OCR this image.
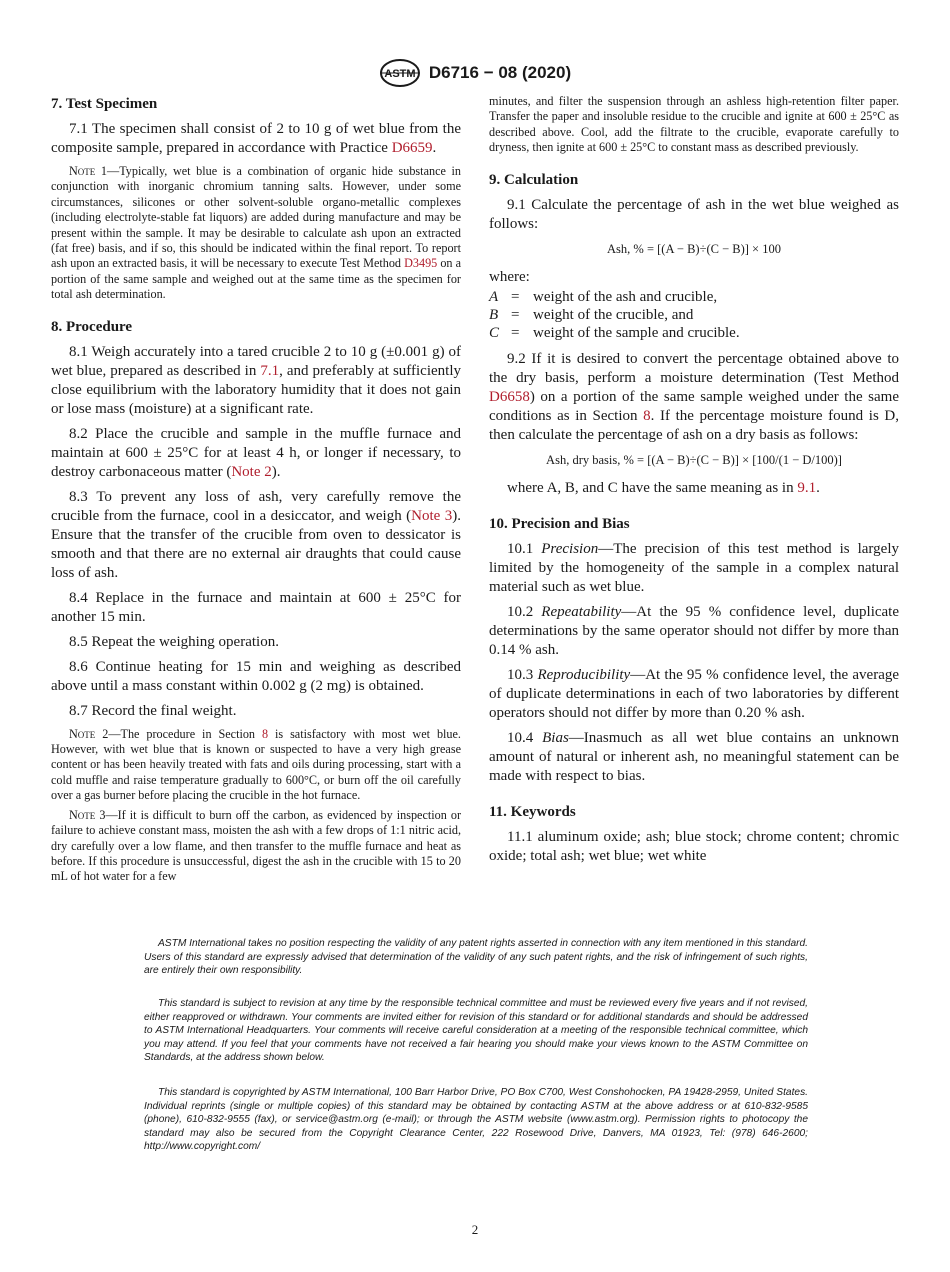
ASTM D6716 − 08 (2020)
7. Test Specimen

7.1 The specimen shall consist of 2 to 10 g of wet blue from the composite sample, prepared in accordance with Practice D6659.

Note 1—Typically, wet blue is a combination of organic hide substance in conjunction with inorganic chromium tanning salts. However, under some circumstances, silicones or other solvent-soluble organo-metallic complexes (including electrolyte-stable fat liquors) are added during manufacture and may be present within the sample. It may be desirable to calculate ash upon an extracted (fat free) basis, and if so, this should be indicated within the final report. To report ash upon an extracted basis, it will be necessary to execute Test Method D3495 on a portion of the same sample and weighed out at the same time as the specimen for total ash determination.

8. Procedure

8.1 Weigh accurately into a tared crucible 2 to 10 g (±0.001 g) of wet blue, prepared as described in 7.1, and preferably at sufficiently close equilibrium with the laboratory humidity that it does not gain or lose mass (moisture) at a significant rate.

8.2 Place the crucible and sample in the muffle furnace and maintain at 600 ± 25°C for at least 4 h, or longer if necessary, to destroy carbonaceous matter (Note 2).

8.3 To prevent any loss of ash, very carefully remove the crucible from the furnace, cool in a desiccator, and weigh (Note 3). Ensure that the transfer of the crucible from oven to dessicator is smooth and that there are no external air draughts that could cause loss of ash.

8.4 Replace in the furnace and maintain at 600 ± 25°C for another 15 min.

8.5 Repeat the weighing operation.

8.6 Continue heating for 15 min and weighing as described above until a mass constant within 0.002 g (2 mg) is obtained.

8.7 Record the final weight.

Note 2—The procedure in Section 8 is satisfactory with most wet blue. However, with wet blue that is known or suspected to have a very high grease content or has been heavily treated with fats and oils during processing, start with a cold muffle and raise temperature gradually to 600°C, or burn off the oil carefully over a gas burner before placing the crucible in the hot furnace.

Note 3—If it is difficult to burn off the carbon, as evidenced by inspection or failure to achieve constant mass, moisten the ash with a few drops of 1:1 nitric acid, dry carefully over a low flame, and then transfer to the muffle furnace and heat as before. If this procedure is unsuccessful, digest the ash in the crucible with 15 to 20 mL of hot water for a few

minutes, and filter the suspension through an ashless high-retention filter paper. Transfer the paper and insoluble residue to the crucible and ignite at 600 ± 25°C as described above. Cool, add the filtrate to the crucible, evaporate carefully to dryness, then ignite at 600 ± 25°C to constant mass as described previously.

9. Calculation

9.1 Calculate the percentage of ash in the wet blue weighed as follows:

Ash, % = [(A − B)÷(C − B)] × 100
where:
A = weight of the ash and crucible,
B = weight of the crucible, and
C = weight of the sample and crucible.

9.2 If it is desired to convert the percentage obtained above to the dry basis, perform a moisture determination (Test Method D6658) on a portion of the same sample weighed under the same conditions as in Section 8. If the percentage moisture found is D, then calculate the percentage of ash on a dry basis as follows:

Ash, dry basis, % = [(A − B)÷(C − B)] × [100/(1 − D/100)]

where A, B, and C have the same meaning as in 9.1.

10. Precision and Bias

10.1 Precision—The precision of this test method is largely limited by the homogeneity of the sample in a complex natural material such as wet blue.

10.2 Repeatability—At the 95 % confidence level, duplicate determinations by the same operator should not differ by more than 0.14 % ash.

10.3 Reproducibility—At the 95 % confidence level, the average of duplicate determinations in each of two laboratories by different operators should not differ by more than 0.20 % ash.

10.4 Bias—Inasmuch as all wet blue contains an unknown amount of natural or inherent ash, no meaningful statement can be made with respect to bias.

11. Keywords

11.1 aluminum oxide; ash; blue stock; chrome content; chromic oxide; total ash; wet blue; wet white

ASTM International takes no position respecting the validity of any patent rights asserted in connection with any item mentioned in this standard. Users of this standard are expressly advised that determination of the validity of any such patent rights, and the risk of infringement of such rights, are entirely their own responsibility.

This standard is subject to revision at any time by the responsible technical committee and must be reviewed every five years and if not revised, either reapproved or withdrawn. Your comments are invited either for revision of this standard or for additional standards and should be addressed to ASTM International Headquarters. Your comments will receive careful consideration at a meeting of the responsible technical committee, which you may attend. If you feel that your comments have not received a fair hearing you should make your views known to the ASTM Committee on Standards, at the address shown below.

This standard is copyrighted by ASTM International, 100 Barr Harbor Drive, PO Box C700, West Conshohocken, PA 19428-2959, United States. Individual reprints (single or multiple copies) of this standard may be obtained by contacting ASTM at the above address or at 610-832-9585 (phone), 610-832-9555 (fax), or service@astm.org (e-mail); or through the ASTM website (www.astm.org). Permission rights to photocopy the standard may also be secured from the Copyright Clearance Center, 222 Rosewood Drive, Danvers, MA 01923, Tel: (978) 646-2600; http://www.copyright.com/

2
